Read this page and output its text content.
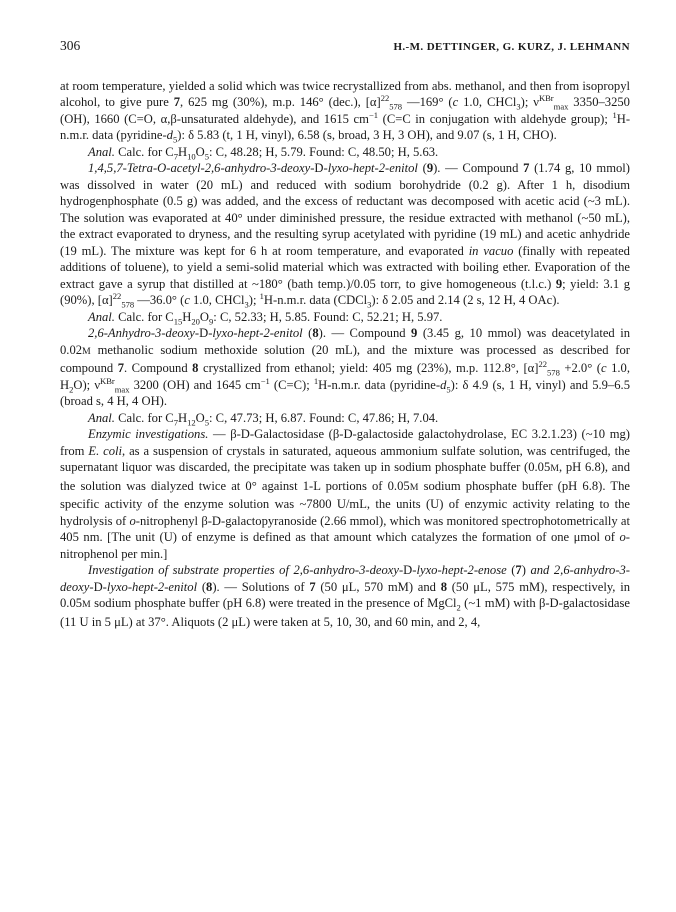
306	H.-M. DETTINGER, G. KURZ, J. LEHMANN

at room temperature, yielded a solid which was twice recrystallized from abs. methanol, and then from isopropyl alcohol, to give pure 7, 625 mg (30%), m.p. 146° (dec.), $[\alpha]^{22}_{578}$ —169° (c 1.0, CHCl$_3$); $\nu^{KBr}_{max}$ 3350–3250 (OH), 1660 (C=O, α,β-unsaturated aldehyde), and 1615 $cm^{-1}$ (C=C in conjugation with aldehyde group); $^1$H-n.m.r. data $(pyridine-d_5)$: δ 5.83 (t, 1 H, vinyl), 6.58 (s, broad, 3 H, 3 OH), and 9.07 (s, 1 H, CHO).

Anal. Calc. for $C_7H_{10}O_5$: C, 48.28; H, 5.79. Found: C, 48.50; H, 5.63.

1,4,5,7-Tetra-O-acetyl-2,6-anhydro-3-deoxy-D-lyxo-hept-2-enitol (9). — Compound 7 (1.74 g, 10 mmol) was dissolved in water (20 mL) and reduced with sodium borohydride (0.2 g). After 1 h, disodium hydrogenphosphate (0.5 g) was added, and the excess of reductant was decomposed with acetic acid (~3 mL). The solution was evaporated at 40° under diminished pressure, the residue extracted with methanol (~50 mL), the extract evaporated to dryness, and the resulting syrup acetylated with pyridine (19 mL) and acetic anhydride (19 mL). The mixture was kept for 6 h at room temperature, and evaporated in vacuo (finally with repeated additions of toluene), to yield a semi-solid material which was extracted with boiling ether. Evaporation of the extract gave a syrup that distilled at ~180° (bath temp.)/0.05 torr, to give homogeneous (t.l.c.) 9; yield: 3.1 g (90%), $[\alpha]^{22}_{578}$ —36.0° (c 1.0, CHCl$_3$); $^1$H-n.m.r. data (CDCl$_3$): δ 2.05 and 2.14 (2 s, 12 H, 4 OAc).

Anal. Calc. for $C_{15}H_{20}O_9$: C, 52.33; H, 5.85. Found: C, 52.21; H, 5.97.

2,6-Anhydro-3-deoxy-D-lyxo-hept-2-enitol (8). — Compound 9 (3.45 g, 10 mmol) was deacetylated in 0.02M methanolic sodium methoxide solution (20 mL), and the mixture was processed as described for compound 7. Compound 8 crystallized from ethanol; yield: 405 mg (23%), m.p. 112.8°, $[\alpha]^{22}_{578} +2.0^\circ$ (c 1.0, $H_2O$); $\nu^{KBr}_{max}$ 3200 (OH) and 1645 $cm^{-1}$ (C=C); $^1$H-n.m.r. data $(pyridine-d_5)$: δ 4.9 (s, 1 H, vinyl) and 5.9–6.5 (broad s, 4 H, 4 OH).

Anal. Calc. for $C_7H_{12}O_5$: C, 47.73; H, 6.87. Found: C, 47.86; H, 7.04.

Enzymic investigations. — β-D-Galactosidase (β-D-galactoside galactohydrolase, EC 3.2.1.23) (~10 mg) from E. coli, as a suspension of crystals in saturated, aqueous ammonium sulfate solution, was centrifuged, the supernatant liquor was discarded, the precipitate was taken up in sodium phosphate buffer (0.05M, pH 6.8), and the solution was dialyzed twice at 0° against 1-L portions of 0.05M sodium phosphate buffer (pH 6.8). The specific activity of the enzyme solution was ~7800 U/mL, the units (U) of enzymic activity relating to the hydrolysis of o-nitrophenyl β-D-galactopyranoside (2.66 mmol), which was monitored spectrophotometrically at 405 nm. [The unit (U) of enzyme is defined as that amount which catalyzes the formation of one μmol of o-nitrophenol per min.]

Investigation of substrate properties of 2,6-anhydro-3-deoxy-D-lyxo-hept-2-enose (7) and 2,6-anhydro-3-deoxy-D-lyxo-hept-2-enitol (8). — Solutions of 7 (50 μL, 570 mM) and 8 (50 μL, 575 mM), respectively, in 0.05M sodium phosphate buffer (pH 6.8) were treated in the presence of MgCl$_2$ (~1 mM) with β-D-galactosidase (11 U in 5 μL) at 37°. Aliquots (2 μL) were taken at 5, 10, 30, and 60 min, and 2, 4,
